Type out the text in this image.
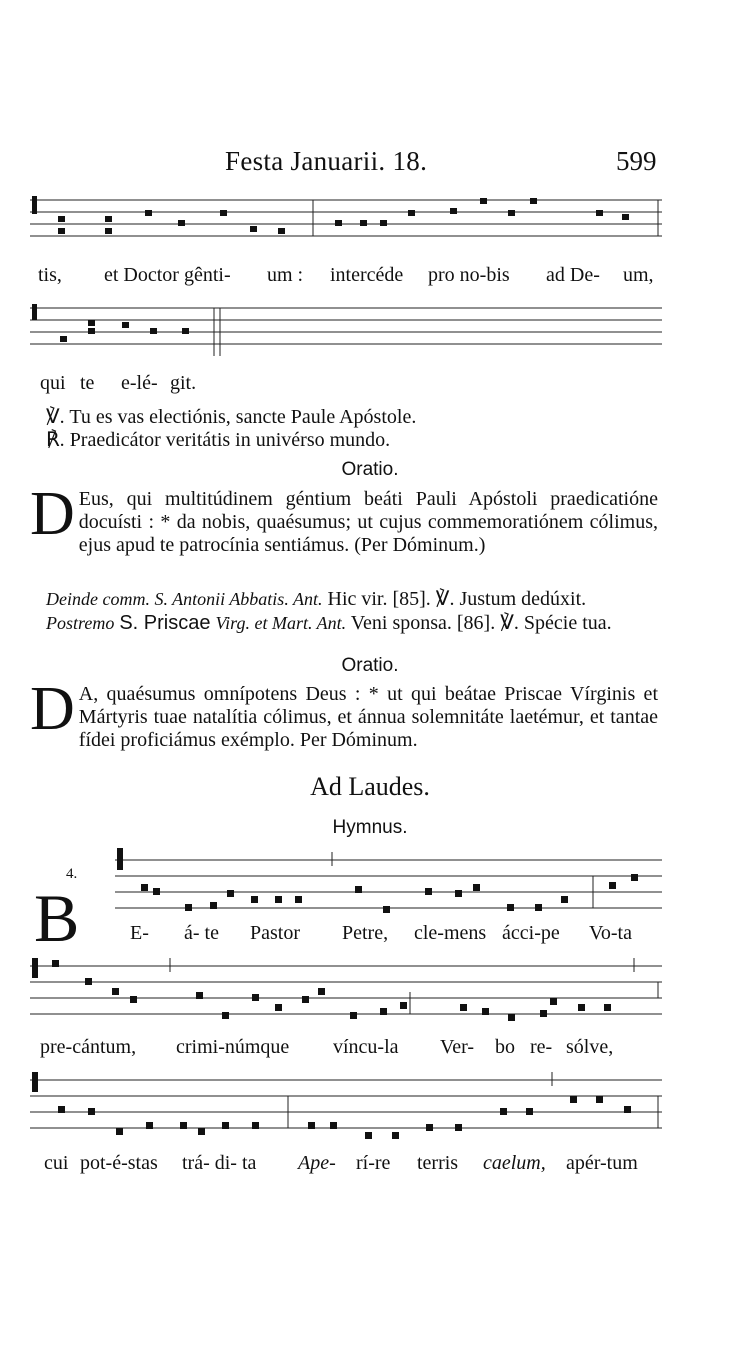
Festa Januarii. 18.	599
tis, et Doctor gênti- um : intercéde pro no-bis ad De- um,
qui te e-lé- git.
℣. Tu es vas electiónis, sancte Paule Apóstole.
℟. Praedicátor veritátis in univérso mundo.
Oratio.

D Eus, qui multitúdinem géntium beáti Pauli Apóstoli praedicatióne docuísti : * da nobis, quaésumus; ut cujus commemoratiónem cólimus, ejus apud te patrocínia sentiámus. (Per Dóminum.)

Deinde comm. S. Antonii Abbatis. Ant. Hic vir. [85]. ℣. Justum dedúxit.

Postremo S. Priscae Virg. et Mart. Ant. Veni sponsa. [86]. ℣. Spécie tua.

Oratio.

D A, quaésumus omnípotens Deus : * ut qui beátae Priscae Vírginis et Mártyris tuae natalítia cólimus, et ánnua solemnitáte laetémur, et tantae fídei proficiámus exémplo. Per Dóminum.

Ad Laudes.
Hymnus.
4.
B	E- á- te Pastor Petre, cle-mens ácci-pe Vo-ta
pre-cántum, crimi-númque víncu-la Ver- bo re- sólve,
cui pot-é-stas trá- di- ta Ape- rí-re terris caelum, apér-tum
